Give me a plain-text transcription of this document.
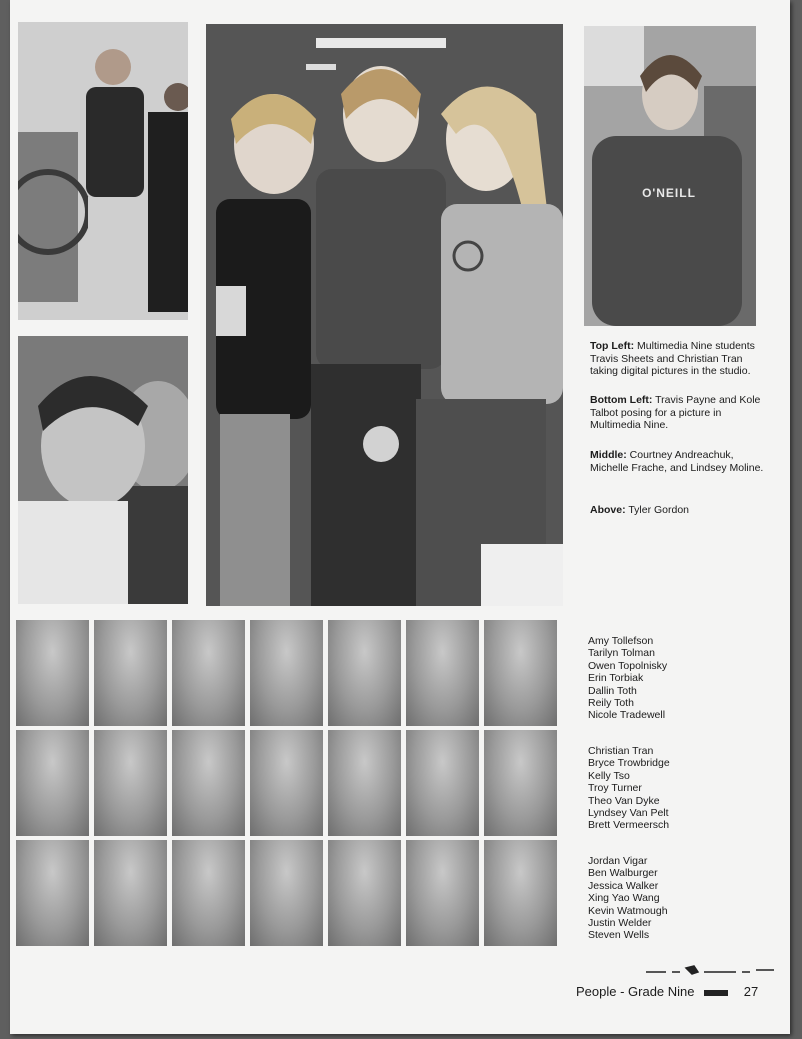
O'NEILL
Top Left: Multimedia Nine students Travis Sheets and Christian Tran taking digital pictures in the studio.
Bottom Left: Travis Payne and Kole Talbot posing for a picture in Multimedia Nine.
Middle: Courtney Andreachuk, Michelle Frache, and Lindsey Moline.
Above: Tyler Gordon
Amy Tollefson
Tarilyn Tolman
Owen Topolnisky
Erin Torbiak
Dallin Toth
Reily Toth
Nicole Tradewell
Christian Tran
Bryce Trowbridge
Kelly Tso
Troy Turner
Theo Van Dyke
Lyndsey Van Pelt
Brett Vermeersch
Jordan Vigar
Ben Walburger
Jessica Walker
Xing Yao Wang
Kevin Watmough
Justin Welder
Steven Wells
People - Grade Nine	27
